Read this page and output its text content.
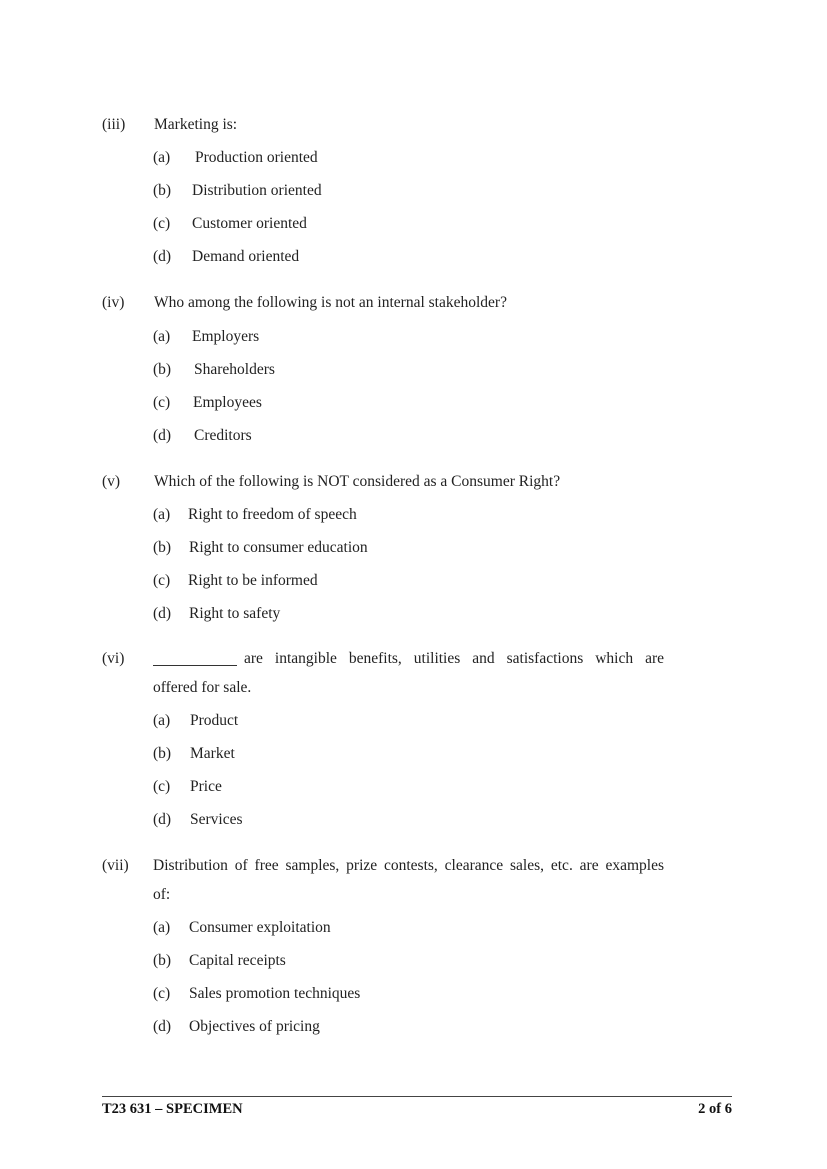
(iii) Marketing is:
(a) Production oriented
(b) Distribution oriented
(c) Customer oriented
(d) Demand oriented
(iv) Who among the following is not an internal stakeholder?
(a) Employers
(b) Shareholders
(c) Employees
(d) Creditors
(v) Which of the following is NOT considered as a Consumer Right?
(a) Right to freedom of speech
(b) Right to consumer education
(c) Right to be informed
(d) Right to safety
(vi)	are intangible benefits, utilities and satisfactions which are
offered for sale.
(a) Product
(b) Market
(c) Price
(d) Services
(vii) Distribution of free samples, prize contests, clearance sales, etc. are examples
of:
(a) Consumer exploitation
(b) Capital receipts
(c) Sales promotion techniques
(d) Objectives of pricing
T23 631 – SPECIMEN	2 of 6
